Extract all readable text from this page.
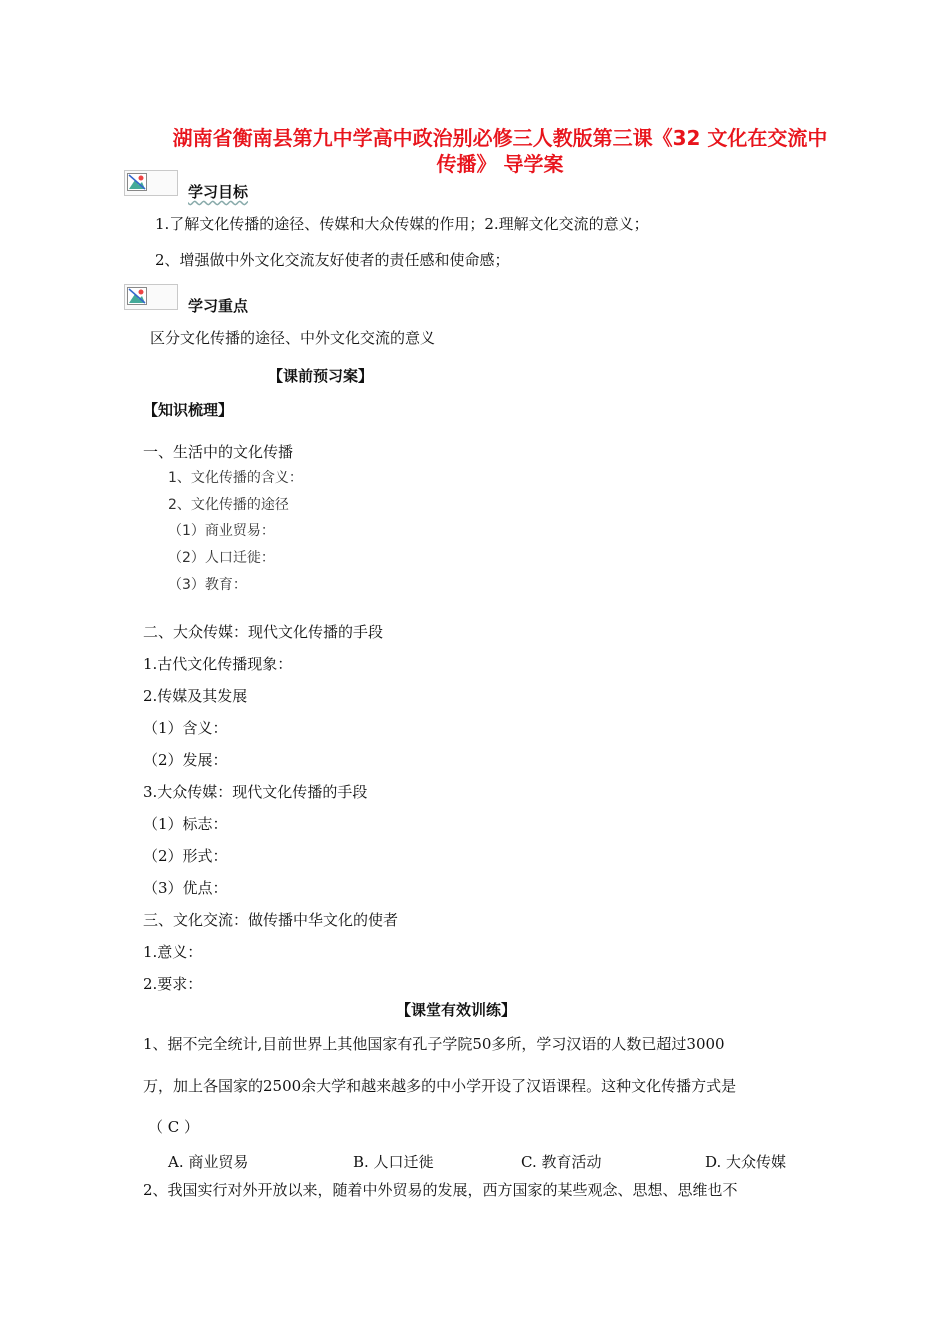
湖南省衡南县第九中学高中政治别必修三人教版第三课《32 文化在交流中
传播》 导学案
学习目标
1.了解文化传播的途径、传媒和大众传媒的作用；2.理解文化交流的意义；
2、增强做中外文化交流友好使者的责任感和使命感；
学习重点
区分文化传播的途径、中外文化交流的意义
【课前预习案】
【知识梳理】
一、生活中的文化传播
1、文化传播的含义：
2、文化传播的途径
（1）商业贸易：
（2）人口迁徙：
（3）教育：
二、大众传媒：现代文化传播的手段
1.古代文化传播现象：
2.传媒及其发展
（1）含义：
（2）发展：
3.大众传媒：现代文化传播的手段
（1）标志：
（2）形式：
（3）优点：
三、文化交流：做传播中华文化的使者
1.意义：
2.要求：
【课堂有效训练】
1、据不完全统计,目前世界上其他国家有孔子学院50多所，学习汉语的人数已超过3000
万，加上各国家的2500余大学和越来越多的中小学开设了汉语课程。这种文化传播方式是
（ C ）
A. 商业贸易	B. 人口迁徙	C. 教育活动	D. 大众传媒
2、我国实行对外开放以来，随着中外贸易的发展，西方国家的某些观念、思想、思维也不
